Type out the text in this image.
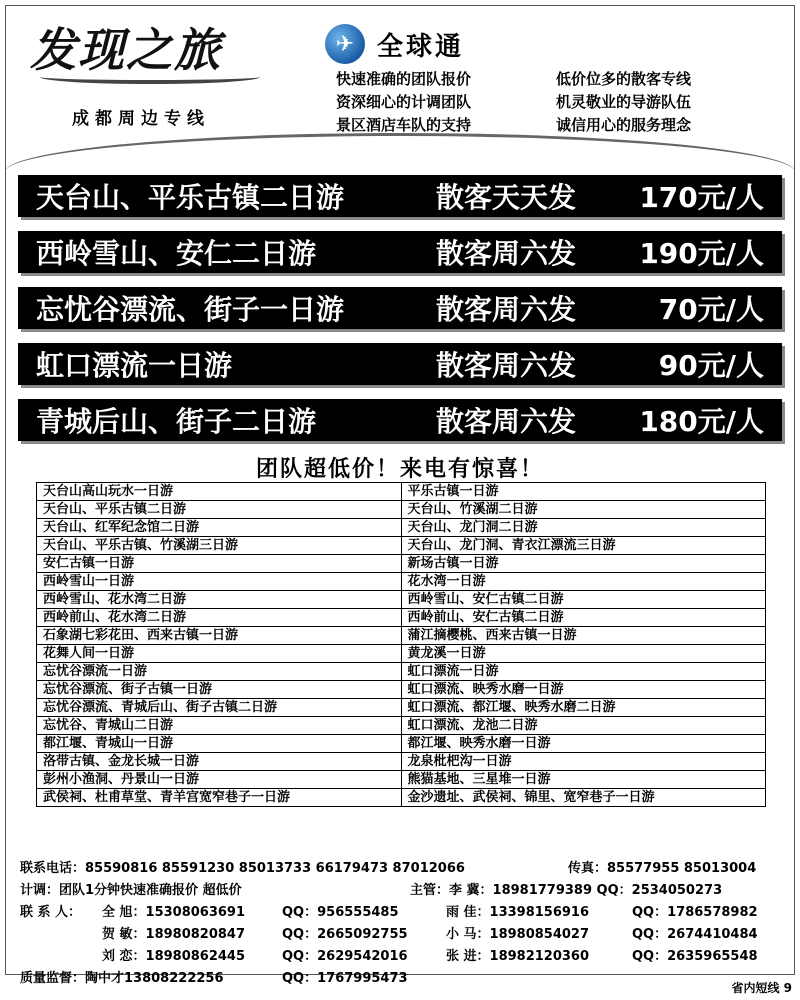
发现之旅
成都周边专线
✈ 全球通
快速准确的团队报价	低价位多的散客专线
资深细心的计调团队	机灵敬业的导游队伍
景区酒店车队的支持	诚信用心的服务理念
天台山、平乐古镇二日游	散客天天发	170元/人
西岭雪山、安仁二日游	散客周六发	190元/人
忘忧谷漂流、街子一日游	散客周六发	70元/人
虹口漂流一日游	散客周六发	90元/人
青城后山、街子二日游	散客周六发	180元/人
团队超低价！来电有惊喜！
天台山高山玩水一日游	平乐古镇一日游
天台山、平乐古镇二日游	天台山、竹溪湖二日游
天台山、红军纪念馆二日游	天台山、龙门洞二日游
天台山、平乐古镇、竹溪湖三日游	天台山、龙门洞、青衣江漂流三日游
安仁古镇一日游	新场古镇一日游
西岭雪山一日游	花水湾一日游
西岭雪山、花水湾二日游	西岭雪山、安仁古镇二日游
西岭前山、花水湾二日游	西岭前山、安仁古镇二日游
石象湖七彩花田、西来古镇一日游	蒲江摘樱桃、西来古镇一日游
花舞人间一日游	黄龙溪一日游
忘忧谷漂流一日游	虹口漂流一日游
忘忧谷漂流、街子古镇一日游	虹口漂流、映秀水磨一日游
忘忧谷漂流、青城后山、街子古镇二日游	虹口漂流、都江堰、映秀水磨二日游
忘忧谷、青城山二日游	虹口漂流、龙池二日游
都江堰、青城山一日游	都江堰、映秀水磨一日游
洛带古镇、金龙长城一日游	龙泉枇杷沟一日游
彭州小渔洞、丹景山一日游	熊猫基地、三星堆一日游
武侯祠、杜甫草堂、青羊宫宽窄巷子一日游	金沙遗址、武侯祠、锦里、宽窄巷子一日游
联系电话：85590816 85591230 85013733 66179473 87012066	传真：85577955 85013004
计调：团队1分钟快速准确报价 超低价	主管：李 冀：18981779389 QQ：2534050273
联 系 人： 全 旭：15308063691	QQ：956555485	雨 佳：13398156916	QQ：1786578982
贺 敏：18980820847	QQ：2665092755	小 马：18980854027	QQ：2674410484
刘 恋：18980862445	QQ：2629542016	张 进：18982120360	QQ：2635965548
质量监督：陶中才13808222256	QQ：1767995473
省内短线 9
